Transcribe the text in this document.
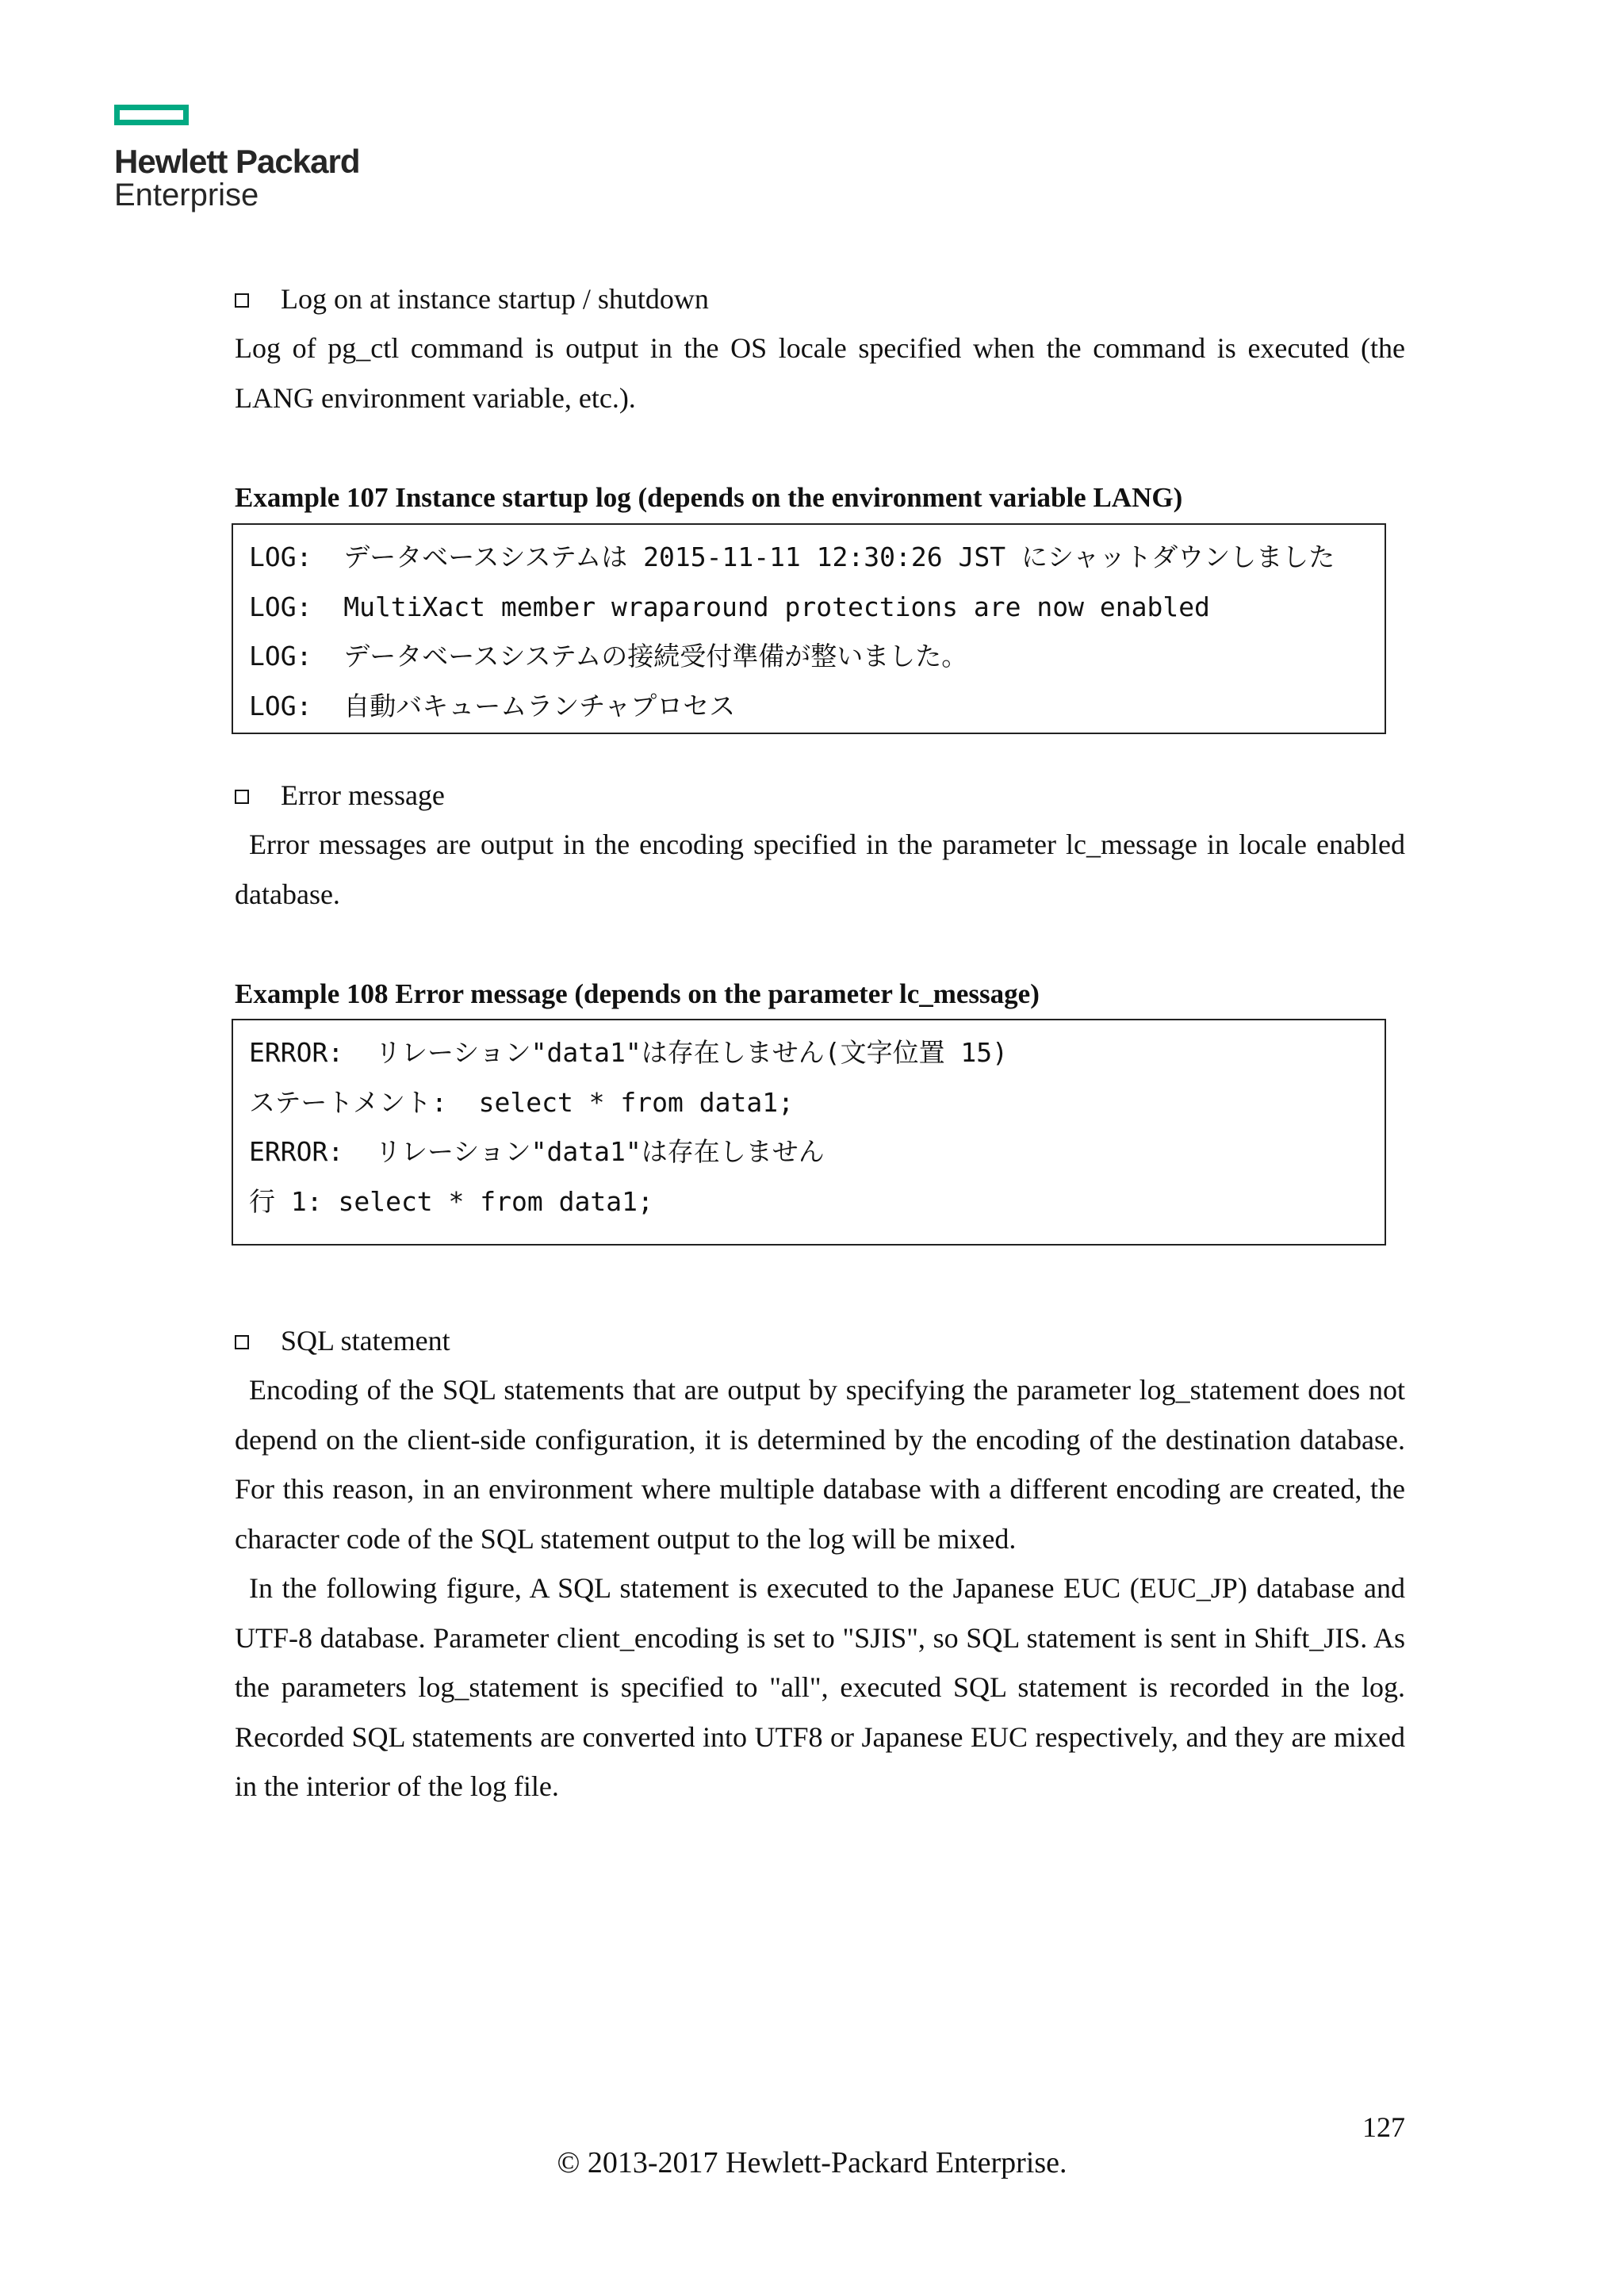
Hewlett Packard
Enterprise
Log on at instance startup / shutdown

Log of pg_ctl command is output in the OS locale specified when the command is executed (the LANG environment variable, etc.).

Example 107 Instance startup log (depends on the environment variable LANG)
LOG:  データベースシステムは 2015-11-11 12:30:26 JST にシャットダウンしました
LOG:  MultiXact member wraparound protections are now enabled
LOG:  データベースシステムの接続受付準備が整いました。
LOG:  自動バキュームランチャプロセス
Error message

Error messages are output in the encoding specified in the parameter lc_message in locale enabled database.

Example 108 Error message (depends on the parameter lc_message)
ERROR:  リレーション"data1"は存在しません(文字位置 15)
ステートメント:  select * from data1;
ERROR:  リレーション"data1"は存在しません
行 1: select * from data1;
SQL statement

Encoding of the SQL statements that are output by specifying the parameter log_statement does not depend on the client-side configuration, it is determined by the encoding of the destination database. For this reason, in an environment where multiple database with a different encoding are created, the character code of the SQL statement output to the log will be mixed.

In the following figure, A SQL statement is executed to the Japanese EUC (EUC_JP) database and UTF-8 database. Parameter client_encoding is set to "SJIS", so SQL statement is sent in Shift_JIS. As the parameters log_statement is specified to "all", executed SQL statement is recorded in the log. Recorded SQL statements are converted into UTF8 or Japanese EUC respectively, and they are mixed in the interior of the log file.

127
© 2013-2017 Hewlett-Packard Enterprise.
